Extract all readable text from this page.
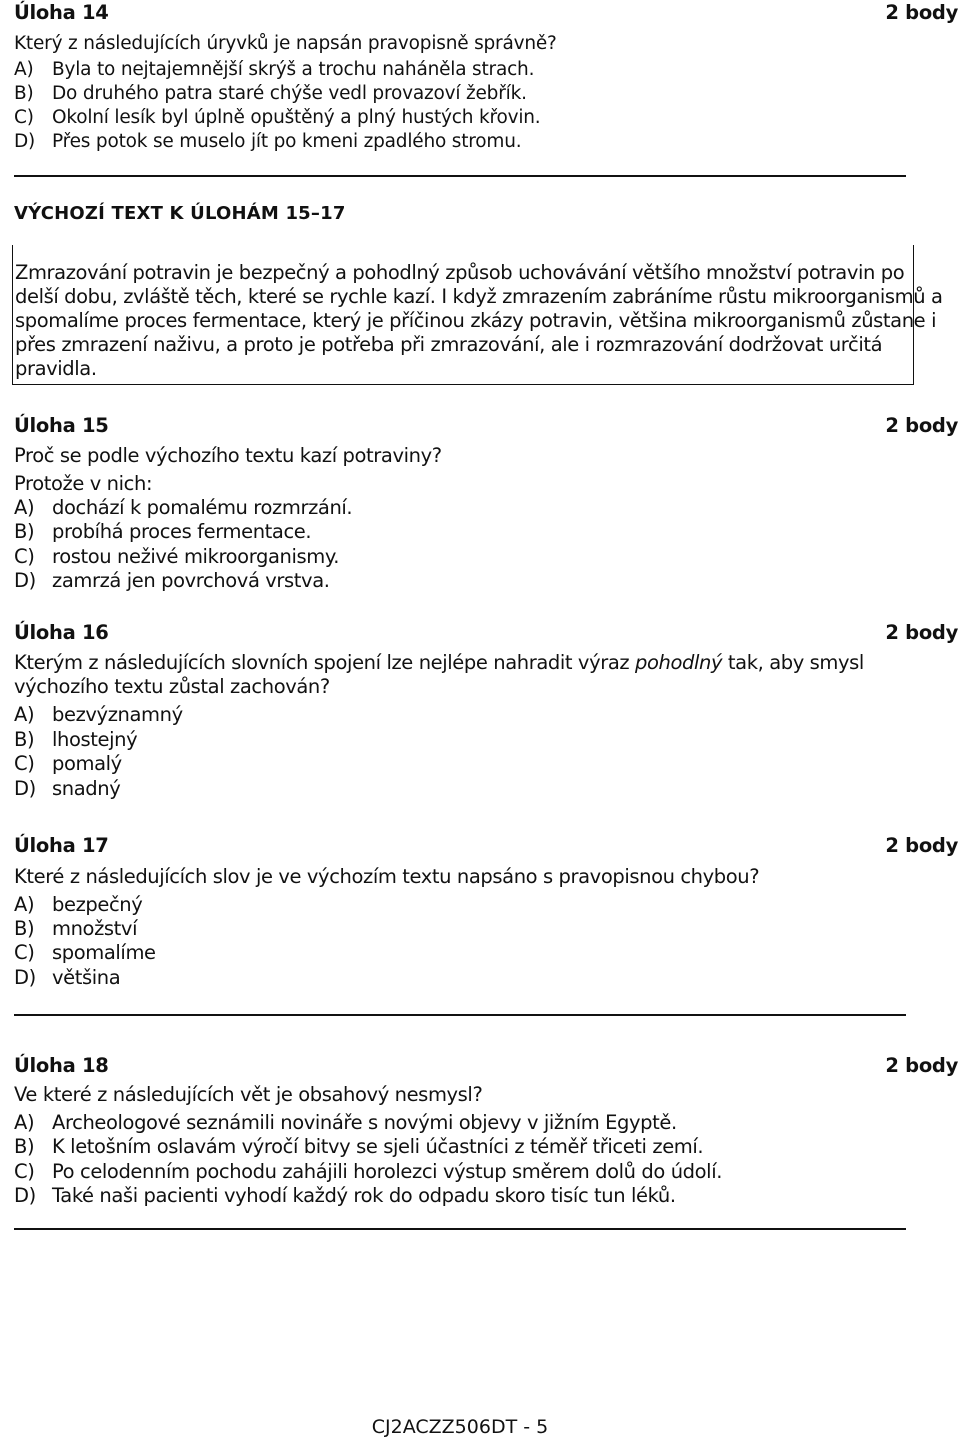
Úloha 14	2 body
Který z následujících úryvků je napsán pravopisně správně?
A) Byla to nejtajemnější skrýš a trochu naháněla strach.
B) Do druhého patra staré chýše vedl provazoví žebřík.
C) Okolní lesík byl úplně opuštěný a plný hustých křovin.
D) Přes potok se muselo jít po kmeni zpadlého stromu.
VÝCHOZÍ TEXT K ÚLOHÁM 15–17
Zmrazování potravin je bezpečný a pohodlný způsob uchovávání většího množství potravin po
delší dobu, zvláště těch, které se rychle kazí. I když zmrazením zabráníme růstu mikroorganismů a
spomalíme proces fermentace, který je příčinou zkázy potravin, většina mikroorganismů zůstane i
přes zmrazení naživu, a proto je potřeba při zmrazování, ale i rozmrazování dodržovat určitá
pravidla.
Úloha 15	2 body
Proč se podle výchozího textu kazí potraviny?
Protože v nich:
A) dochází k pomalému rozmrzání.
B) probíhá proces fermentace.
C) rostou neživé mikroorganismy.
D) zamrzá jen povrchová vrstva.
Úloha 16	2 body
Kterým z následujících slovních spojení lze nejlépe nahradit výraz pohodlný tak, aby smysl
výchozího textu zůstal zachován?
A) bezvýznamný
B) lhostejný
C) pomalý
D) snadný
Úloha 17	2 body
Které z následujících slov je ve výchozím textu napsáno s pravopisnou chybou?
A) bezpečný
B) množství
C) spomalíme
D) většina
Úloha 18	2 body
Ve které z následujících vět je obsahový nesmysl?
A) Archeologové seznámili novináře s novými objevy v jižním Egyptě.
B) K letošním oslavám výročí bitvy se sjeli účastníci z téměř třiceti zemí.
C) Po celodenním pochodu zahájili horolezci výstup směrem dolů do údolí.
D) Také naši pacienti vyhodí každý rok do odpadu skoro tisíc tun léků.
CJ2ACZZ506DT - 5
